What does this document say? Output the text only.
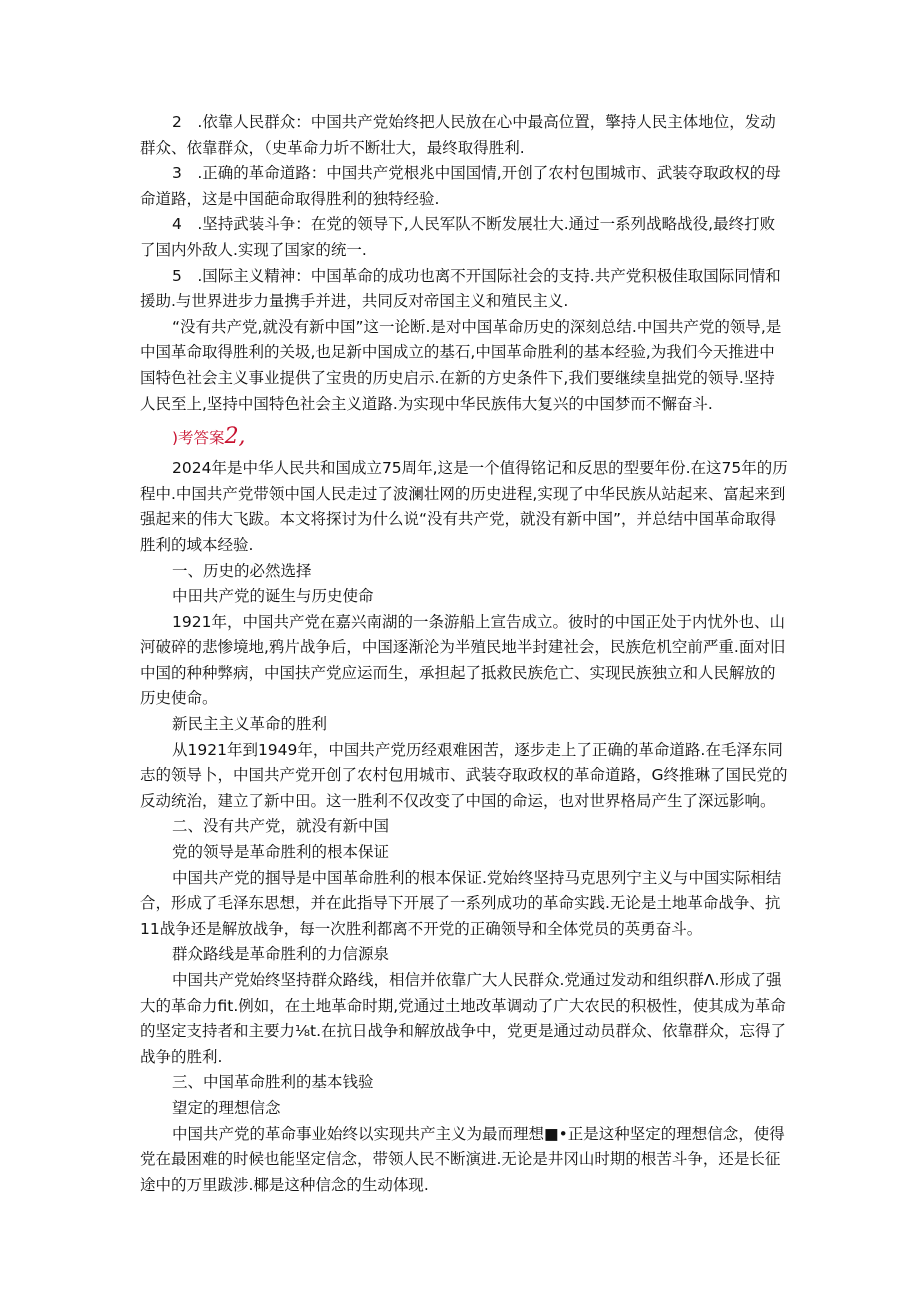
2　.依靠人民群众：中国共产党始终把人民放在心中最高位置，擎持人民主体地位，发动群众、依靠群众，（史革命力圻不断壮大，最终取得胜利.

3　.正确的革命道路：中国共产党根兆中国国情,开创了农村包围城市、武装夺取政权的母命道路，这是中国葩命取得胜利的独特经验.

4　.坚持武装斗争：在党的领导下,人民军队不断发展壮大.通过一系列战略战役,最终打败了国内外敌人.实现了国家的统一.

5　.国际主义精神：中国革命的成功也离不开国际社会的支持.共产党积极佳取国际同情和援助.与世界进步力量携手并进，共同反对帝国主义和殖民主义.

“没有共产党,就没有新中国”这一论断.是对中国革命历史的深刻总结.中国共产党的领导,是中国革命取得胜利的关圾,也足新中国成立的基石,中国革命胜利的基本经验,为我们今天推进中国特色社会主义事业提供了宝贵的历史启示.在新的方史条件下,我们要继续皇拙党的领导.坚持人民至上,坚持中国特色社会主义道路.为实现中华民族伟大复兴的中国梦而不懈奋斗.

)考答案2,

2024年是中华人民共和国成立75周年,这是一个值得铭记和反思的型要年份.在这75年的历程中.中国共产党带领中国人民走过了波澜壮网的历史进程,实现了中华民族从站起来、富起来到强起来的伟大飞跋。本文将探讨为什么说“没有共产党，就没有新中国”，并总结中国革命取得胜利的域本经验.

一、历史的必然选择

中田共产党的诞生与历史使命

1921年，中国共产党在嘉兴南湖的一条游船上宣告成立。彼时的中国正处于内忧外也、山河破碎的悲惨境地,鸦片战争后，中国逐渐沦为半殖民地半封建社会，民族危机空前严重.面对旧中国的种种弊病，中国扶产党应运而生，承担起了抵救民族危亡、实现民族独立和人民解放的历史使命。

新民主主义革命的胜利

从1921年到1949年，中国共产党历经艰难困苦，逐步走上了正确的革命道路.在毛泽东同志的领导卜，中国共产党开创了农村包用城市、武装夺取政权的革命道路，G终推琳了国民党的反动统治，建立了新中田。这一胜利不仅改变了中国的命运，也对世界格局产生了深远影响。

二、没有共产党，就没有新中国

党的领导是革命胜利的根本保证

中国共产党的掴导是中国革命胜利的根本保证.党始终坚持马克思列宁主义与中国实际相结合，形成了毛泽东思想，并在此指导下开展了一系列成功的革命实践.无论是土地革命战争、抗11战争还是解放战争，每一次胜利都离不开党的正确领导和全体党员的英勇奋斗。

群众路线是革命胜利的力信源泉

中国共产党始终坚持群众路线，相信并依靠广大人民群众.党通过发动和组织群Λ.形成了强大的革命力fit.例如，在土地革命时期,党通过土地改革调动了广大农民的积极性，使其成为革命的坚定支持者和主要力⅛t.在抗日战争和解放战争中，党更是通过动员群众、依靠群众，忘得了战争的胜利.

三、中国革命胜利的基本钱验

望定的理想信念

中国共产党的革命事业始终以实现共产主义为最而理想■•正是这种坚定的理想信念，使得党在最困难的时候也能坚定信念，带领人民不断演进.无论是井冈山时期的根苦斗争，还是长征途中的万里跋涉.椰是这种信念的生动体现.
